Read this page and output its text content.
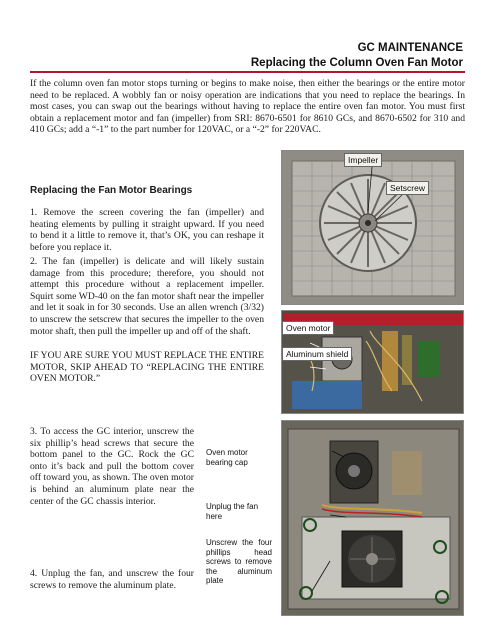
GC MAINTENANCE
Replacing the Column Oven Fan Motor
If the column oven fan motor stops turning or begins to make noise, then either the bearings or the entire motor need to be replaced. A wobbly fan or noisy operation are indications that you need to replace the bearings. In most cases, you can swap out the bearings without having to replace the entire oven fan motor. You must first obtain a replacement motor and fan (impeller) from SRI: 8670-6501 for 8610 GCs, and 8670-6502 for 310 and 410 GCs; add a “-1” to the part number for 120VAC, or a “-2” for 220VAC.
Replacing the Fan Motor Bearings
1. Remove the screen covering the fan (impeller) and heating elements by pulling it straight upward. If you need to bend it a little to remove it, that’s OK, you can reshape it before you replace it.
2. The fan (impeller) is delicate and will likely sustain damage from this procedure; therefore, you should not attempt this procedure without a replacement impeller. Squirt some WD-40 on the fan motor shaft near the impeller and let it soak in for 30 seconds. Use an allen wrench (3/32) to unscrew the setscrew that secures the impeller to the oven motor shaft, then pull the impeller up and off of the shaft.
IF YOU ARE SURE YOU MUST REPLACE THE ENTIRE MOTOR, SKIP AHEAD TO “REPLACING THE ENTIRE OVEN MOTOR.”
3. To access the GC interior, unscrew the six phillip’s head screws that secure the bottom panel to the GC. Rock the GC onto it’s back and pull the bottom cover off toward you, as shown. The oven motor is behind an aluminum plate near the center of the GC chassis interior.
4. Unplug the fan, and unscrew the four screws to remove the aluminum plate.
Impeller
Setscrew
Oven motor
Aluminum shield
Oven motor bearing cap
Unplug the fan here
Unscrew the four phillips head screws to remove the aluminum plate
